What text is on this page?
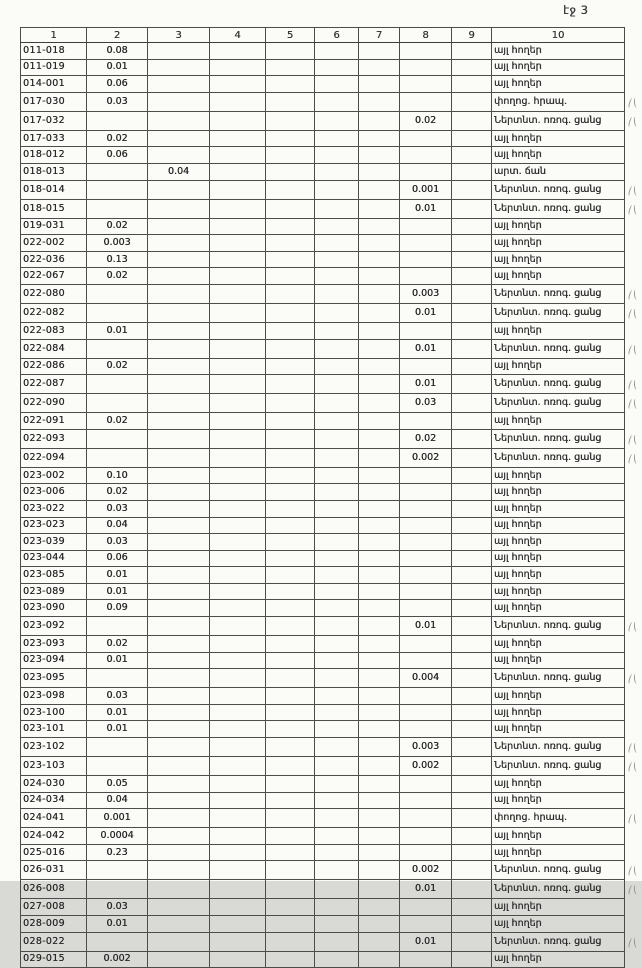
էջ 3
1	2	3	4	5	6	7	8	9	10	
011-018	0.08								այլ հողեր	
011-019	0.01								այլ հողեր	
014-001	0.06								այլ հողեր	
017-030	0.03								փողոց. հրապ.	
017-032							0.02		Ներտնտ. ոռոգ. ցանց	
017-033	0.02								այլ հողեր	
018-012	0.06								այլ հողեր	
018-013		0.04							արտ. ճան	
018-014							0.001		Ներտնտ. ոռոգ. ցանց	
018-015							0.01		Ներտնտ. ոռոգ. ցանց	
019-031	0.02								այլ հողեր	
022-002	0.003								այլ հողեր	
022-036	0.13								այլ հողեր	
022-067	0.02								այլ հողեր	
022-080							0.003		Ներտնտ. ոռոգ. ցանց	
022-082							0.01		Ներտնտ. ոռոգ. ցանց	
022-083	0.01								այլ հողեր	
022-084							0.01		Ներտնտ. ոռոգ. ցանց	
022-086	0.02								այլ հողեր	
022-087							0.01		Ներտնտ. ոռոգ. ցանց	
022-090							0.03		Ներտնտ. ոռոգ. ցանց	
022-091	0.02								այլ հողեր	
022-093							0.02		Ներտնտ. ոռոգ. ցանց	
022-094							0.002		Ներտնտ. ոռոգ. ցանց	
023-002	0.10								այլ հողեր	
023-006	0.02								այլ հողեր	
023-022	0.03								այլ հողեր	
023-023	0.04								այլ հողեր	
023-039	0.03								այլ հողեր	
023-044	0.06								այլ հողեր	
023-085	0.01								այլ հողեր	
023-089	0.01								այլ հողեր	
023-090	0.09								այլ հողեր	
023-092							0.01		Ներտնտ. ոռոգ. ցանց	
023-093	0.02								այլ հողեր	
023-094	0.01								այլ հողեր	
023-095							0.004		Ներտնտ. ոռոգ. ցանց	
023-098	0.03								այլ հողեր	
023-100	0.01								այլ հողեր	
023-101	0.01								այլ հողեր	
023-102							0.003		Ներտնտ. ոռոգ. ցանց	
023-103							0.002		Ներտնտ. ոռոգ. ցանց	
024-030	0.05								այլ հողեր	
024-034	0.04								այլ հողեր	
024-041	0.001								փողոց. հրապ.	
024-042	0.0004								այլ հողեր	
025-016	0.23								այլ հողեր	
026-031							0.002		Ներտնտ. ոռոգ. ցանց	
026-008							0.01		Ներտնտ. ոռոգ. ցանց	
027-008	0.03								այլ հողեր	
028-009	0.01								այլ հողեր	
028-022							0.01		Ներտնտ. ոռոգ. ցանց	
029-015	0.002								այլ հողեր	
